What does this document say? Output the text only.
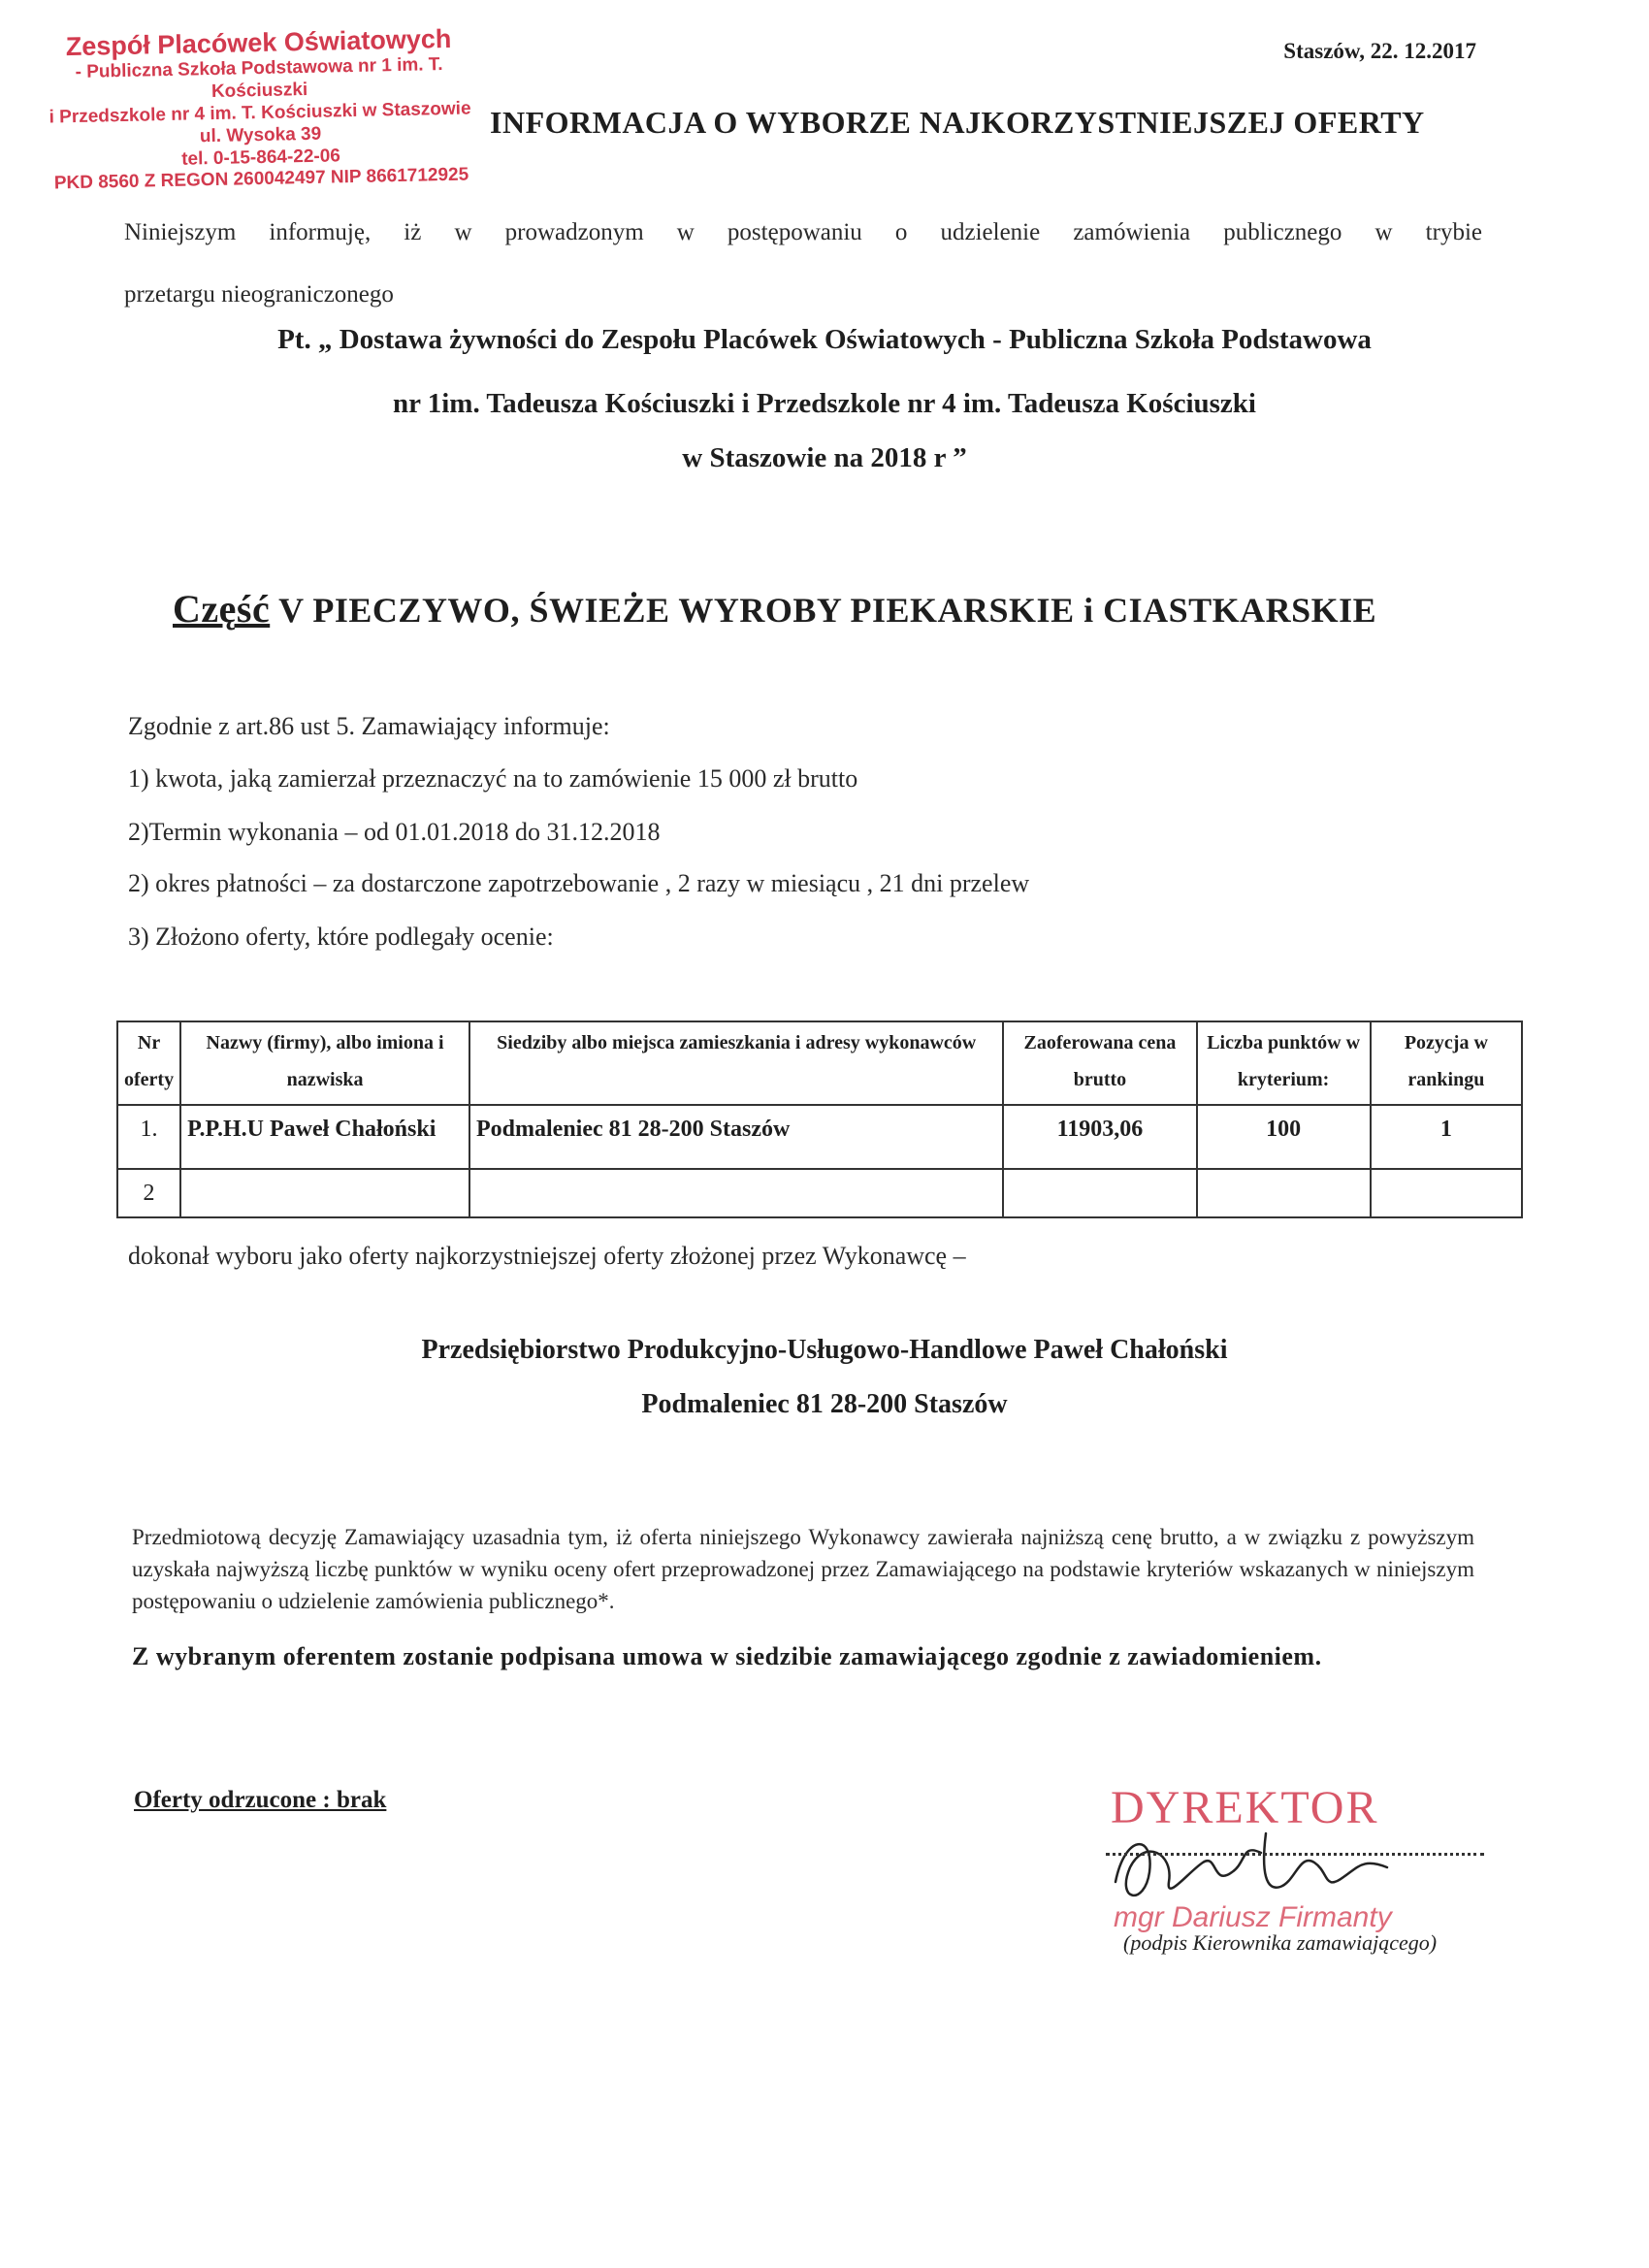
Zespół Placówek Oświatowych
- Publiczna Szkoła Podstawowa nr 1 im. T. Kościuszki
i Przedszkole nr 4 im. T. Kościuszki w Staszowie
ul. Wysoka 39
tel. 0-15-864-22-06
PKD 8560 Z REGON 260042497 NIP 8661712925
Staszów, 22. 12.2017
INFORMACJA O WYBORZE NAJKORZYSTNIEJSZEJ OFERTY
Niniejszym informuję, iż w prowadzonym w postępowaniu o udzielenie zamówienia publicznego w trybie
przetargu nieograniczonego
Pt. „ Dostawa żywności do Zespołu Placówek Oświatowych - Publiczna Szkoła Podstawowa
nr 1im. Tadeusza Kościuszki i Przedszkole nr 4 im. Tadeusza Kościuszki
w Staszowie na 2018 r ”
Część V PIECZYWO, ŚWIEŻE WYROBY PIEKARSKIE i CIASTKARSKIE
Zgodnie z art.86 ust 5. Zamawiający informuje:
1) kwota, jaką zamierzał przeznaczyć na to zamówienie 15 000 zł brutto
2)Termin wykonania – od 01.01.2018 do 31.12.2018
2) okres płatności – za dostarczone zapotrzebowanie , 2 razy w miesiącu , 21 dni przelew
3) Złożono oferty, które podlegały ocenie:
Nr oferty	Nazwy (firmy), albo imiona i nazwiska	Siedziby albo miejsca zamieszkania i adresy wykonawców	Zaoferowana cena brutto	Liczba punktów w kryterium:	Pozycja w rankingu
1.	P.P.H.U Paweł Chałoński	Podmaleniec 81 28-200 Staszów	11903,06	100	1
2					
dokonał wyboru jako oferty najkorzystniejszej oferty złożonej przez Wykonawcę –
Przedsiębiorstwo Produkcyjno-Usługowo-Handlowe Paweł Chałoński
Podmaleniec 81 28-200 Staszów
Przedmiotową decyzję Zamawiający uzasadnia tym, iż oferta niniejszego Wykonawcy zawierała najniższą cenę brutto, a w związku z powyższym uzyskała najwyższą liczbę punktów w wyniku oceny ofert przeprowadzonej przez Zamawiającego na podstawie kryteriów wskazanych w niniejszym postępowaniu o udzielenie zamówienia publicznego*.
Z wybranym oferentem zostanie podpisana umowa w siedzibie zamawiającego zgodnie z zawiadomieniem.
Oferty odrzucone : brak	DYREKTOR
mgr Dariusz Firmanty
(podpis Kierownika zamawiającego)
